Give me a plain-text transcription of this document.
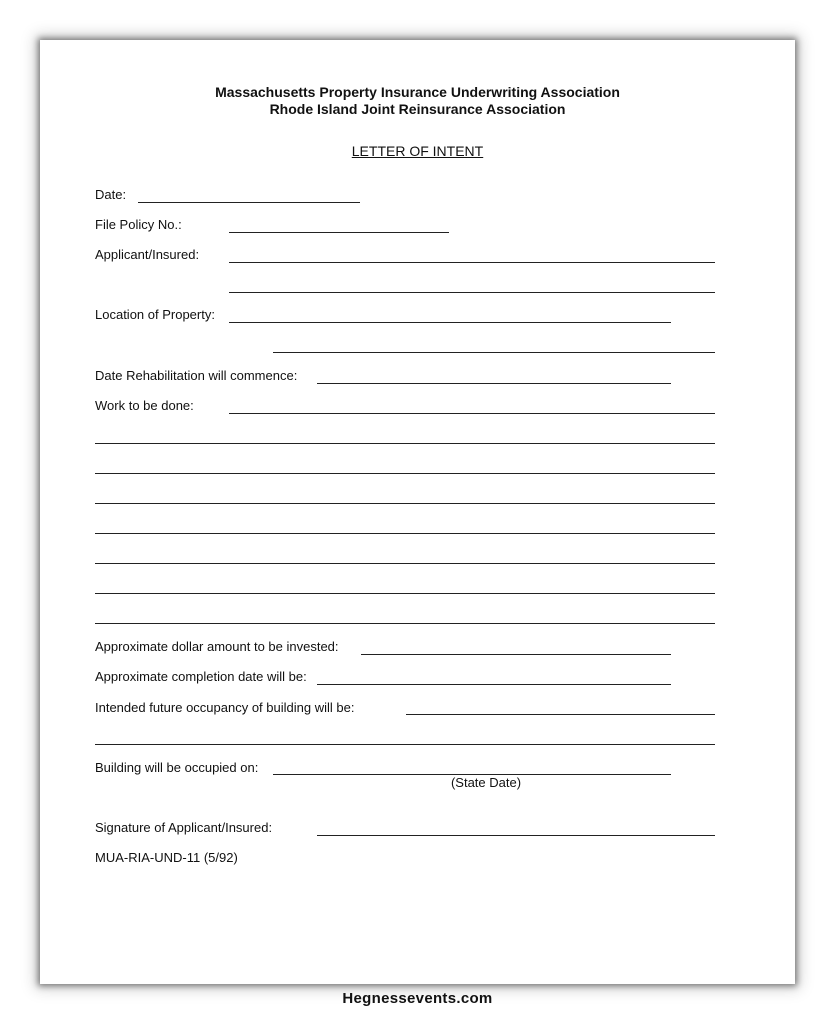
Massachusetts Property Insurance Underwriting Association
Rhode Island Joint Reinsurance Association
LETTER OF INTENT
Date:
File Policy No.:
Applicant/Insured:
Location of Property:
Date Rehabilitation will commence:
Work to be done:
Approximate dollar amount to be invested:
Approximate completion date will be:
Intended future occupancy of building will be:
Building will be occupied on:
(State Date)
Signature of Applicant/Insured:
MUA-RIA-UND-11 (5/92)
Hegnessevents.com
